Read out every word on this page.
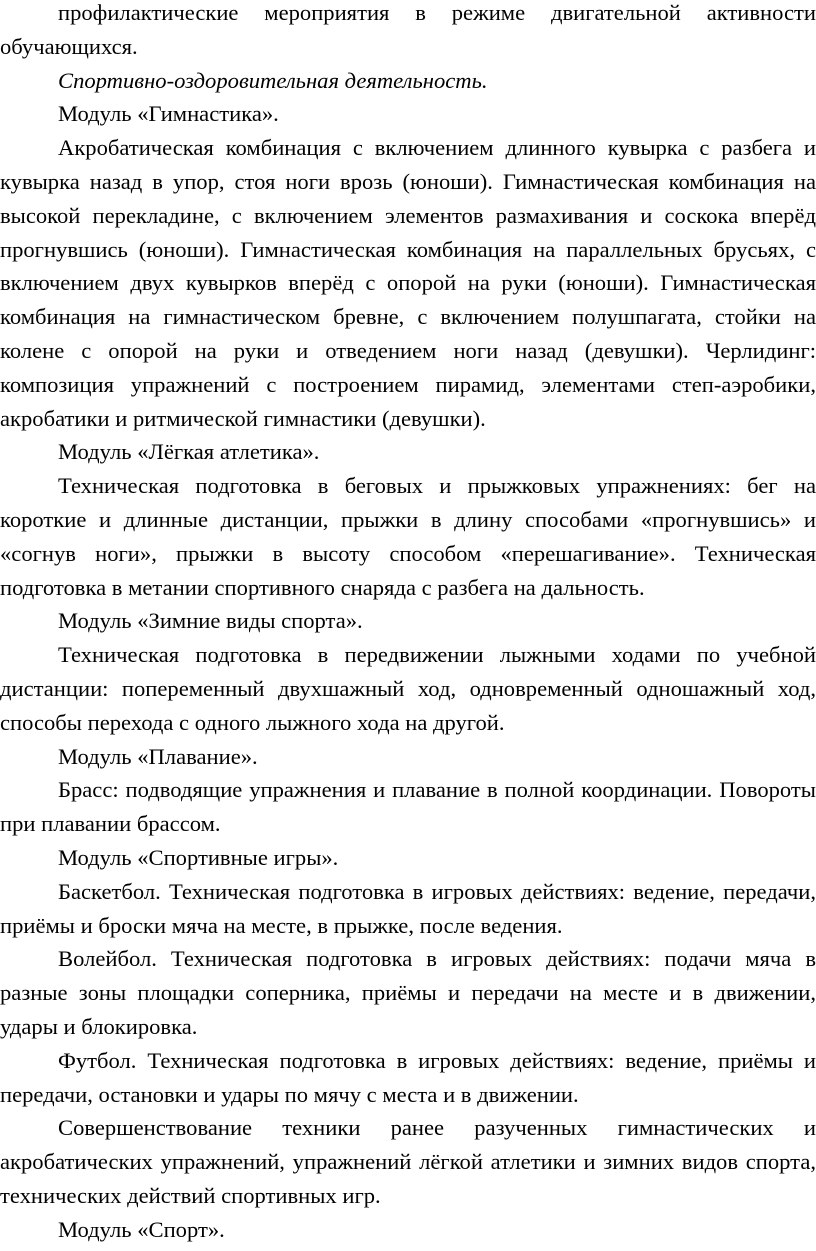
профилактические мероприятия в режиме двигательной активности обучающихся.

Спортивно-оздоровительная деятельность.

Модуль «Гимнастика».

Акробатическая комбинация с включением длинного кувырка с разбега и кувырка назад в упор, стоя ноги врозь (юноши). Гимнастическая комбинация на высокой перекладине, с включением элементов размахивания и соскока вперёд прогнувшись (юноши). Гимнастическая комбинация на параллельных брусьях, с включением двух кувырков вперёд с опорой на руки (юноши). Гимнастическая комбинация на гимнастическом бревне, с включением полушпагата, стойки на колене с опорой на руки и отведением ноги назад (девушки). Черлидинг: композиция упражнений с построением пирамид, элементами степ-аэробики, акробатики и ритмической гимнастики (девушки).

Модуль «Лёгкая атлетика».

Техническая подготовка в беговых и прыжковых упражнениях: бег на короткие и длинные дистанции, прыжки в длину способами «прогнувшись» и «согнув ноги», прыжки в высоту способом «перешагивание». Техническая подготовка в метании спортивного снаряда с разбега на дальность.

Модуль «Зимние виды спорта».

Техническая подготовка в передвижении лыжными ходами по учебной дистанции: попеременный двухшажный ход, одновременный одношажный ход, способы перехода с одного лыжного хода на другой.

Модуль «Плавание».

Брасс: подводящие упражнения и плавание в полной координации. Повороты при плавании брассом.

Модуль «Спортивные игры».

Баскетбол. Техническая подготовка в игровых действиях: ведение, передачи, приёмы и броски мяча на месте, в прыжке, после ведения.

Волейбол. Техническая подготовка в игровых действиях: подачи мяча в разные зоны площадки соперника, приёмы и передачи на месте и в движении, удары и блокировка.

Футбол. Техническая подготовка в игровых действиях: ведение, приёмы и передачи, остановки и удары по мячу с места и в движении.

Совершенствование техники ранее разученных гимнастических и акробатических упражнений, упражнений лёгкой атлетики и зимних видов спорта, технических действий спортивных игр.

Модуль «Спорт».
